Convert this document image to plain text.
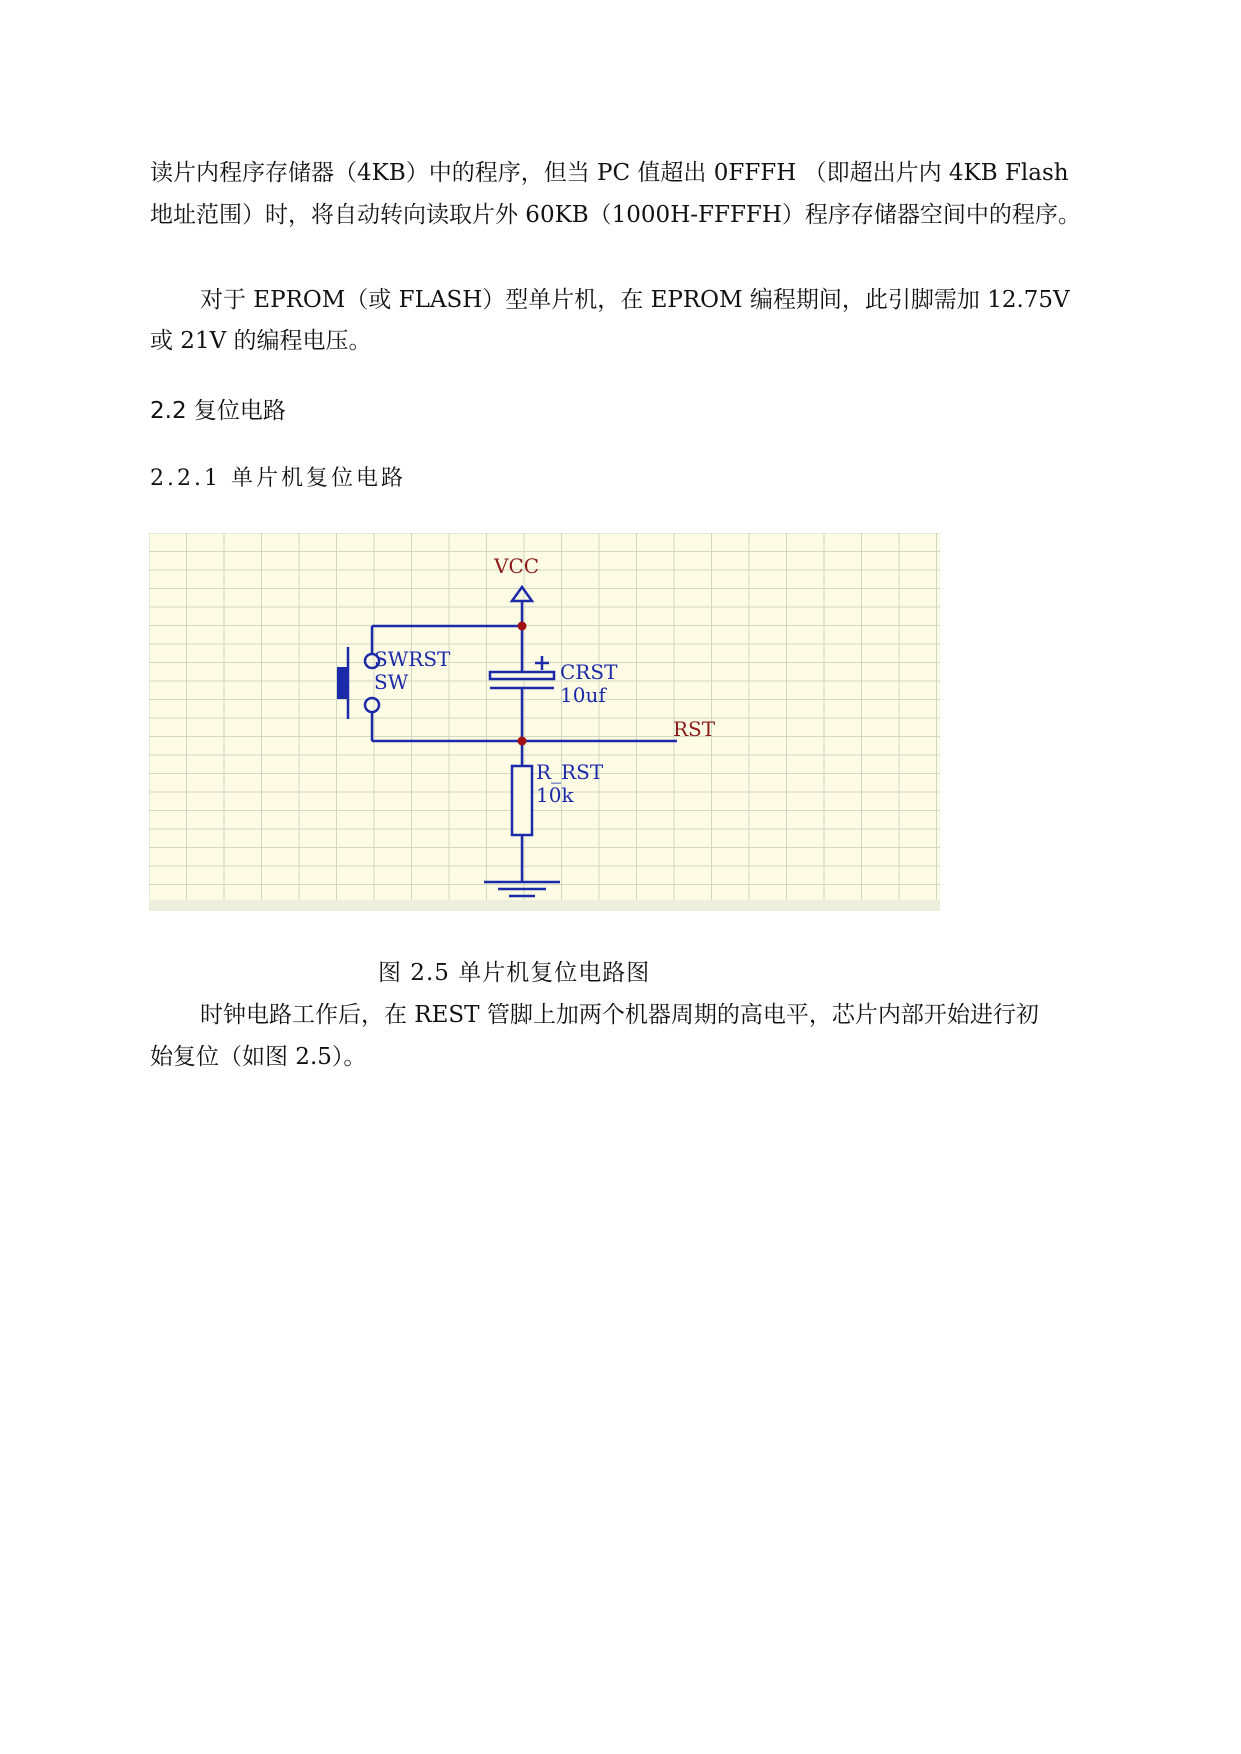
读片内程序存储器（4KB）中的程序，但当 PC 值超出 0FFFH （即超出片内 4KB Flash
地址范围）时，将自动转向读取片外 60KB（1000H-FFFFH）程序存储器空间中的程序。
对于 EPROM（或 FLASH）型单片机，在 EPROM 编程期间，此引脚需加 12.75V
或 21V 的编程电压。
2.2 复位电路
2.2.1 单片机复位电路
VCC
SWRST
SW	CRST
10uf
RST
R_RST
10k
图 2.5 单片机复位电路图
时钟电路工作后，在 REST 管脚上加两个机器周期的高电平，芯片内部开始进行初
始复位（如图 2.5）。
